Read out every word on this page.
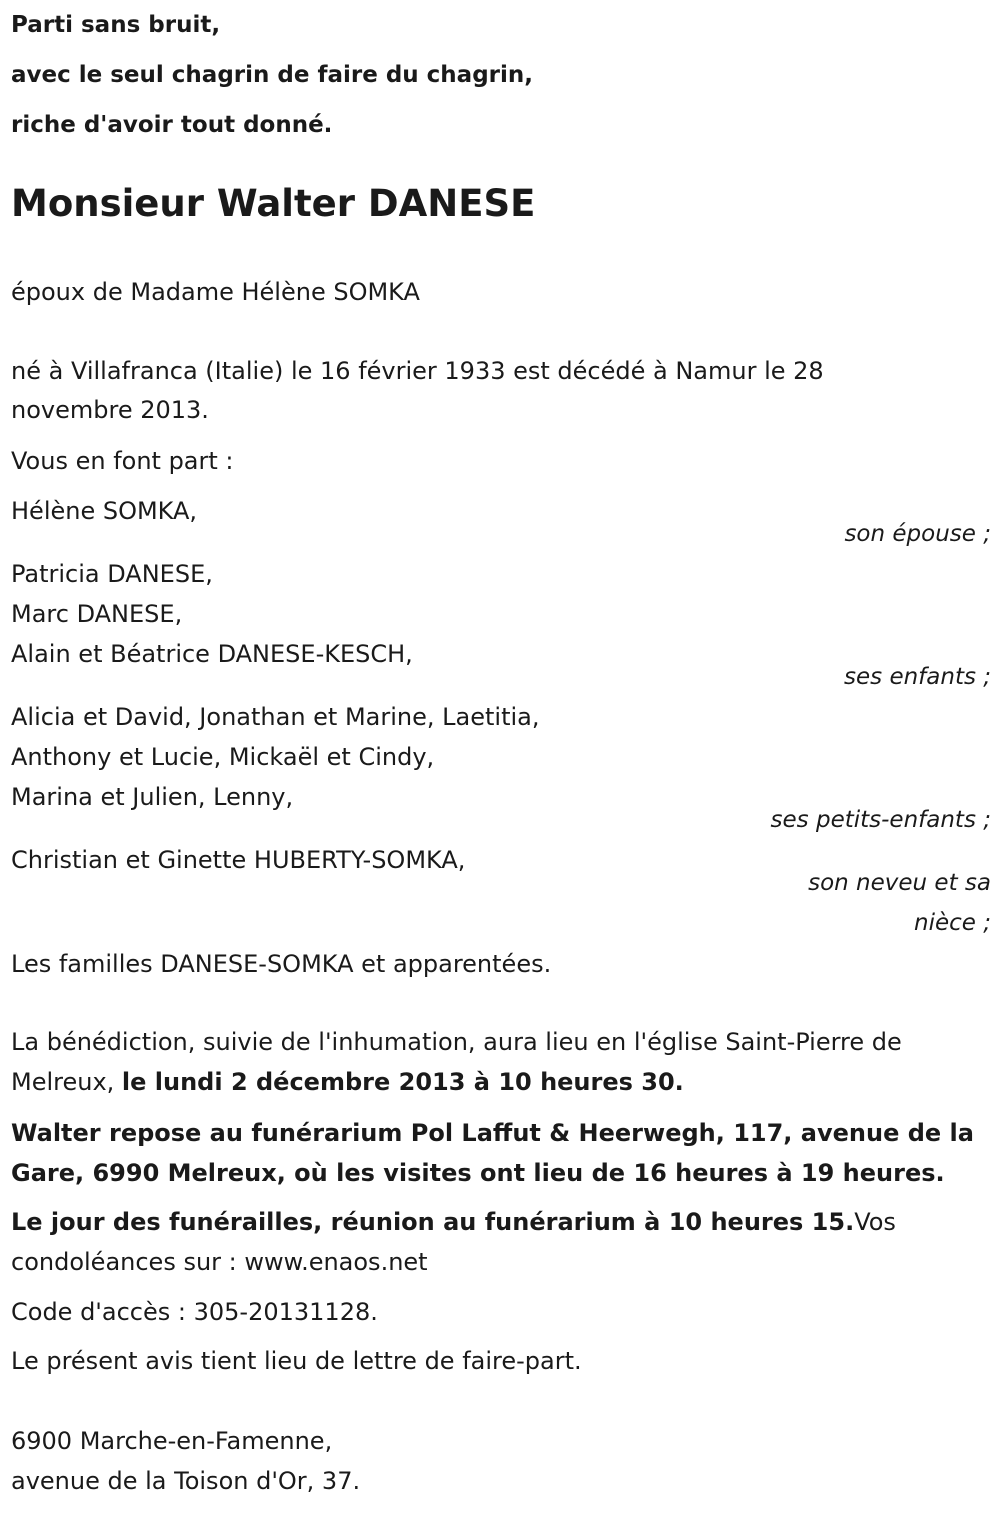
Parti sans bruit,
avec le seul chagrin de faire du chagrin,
riche d'avoir tout donné.
Monsieur Walter DANESE
époux de Madame Hélène SOMKA
né à Villafranca (Italie) le 16 février 1933 est décédé à Namur le 28
novembre 2013.
Vous en font part :
Hélène SOMKA,
son épouse ;
Patricia DANESE,
Marc DANESE,
Alain et Béatrice DANESE-KESCH,
ses enfants ;
Alicia et David, Jonathan et Marine, Laetitia,
Anthony et Lucie, Mickaël et Cindy,
Marina et Julien, Lenny,
ses petits-enfants ;
Christian et Ginette HUBERTY-SOMKA,
son neveu et sa
nièce ;
Les familles DANESE-SOMKA et apparentées.
La bénédiction, suivie de l'inhumation, aura lieu en l'église Saint-Pierre de
Melreux, le lundi 2 décembre 2013 à 10 heures 30.
Walter repose au funérarium Pol Laffut & Heerwegh, 117, avenue de la
Gare, 6990 Melreux, où les visites ont lieu de 16 heures à 19 heures.
Le jour des funérailles, réunion au funérarium à 10 heures 15.Vos
condoléances sur : www.enaos.net
Code d'accès : 305-20131128.
Le présent avis tient lieu de lettre de faire-part.
6900 Marche-en-Famenne,
avenue de la Toison d'Or, 37.
